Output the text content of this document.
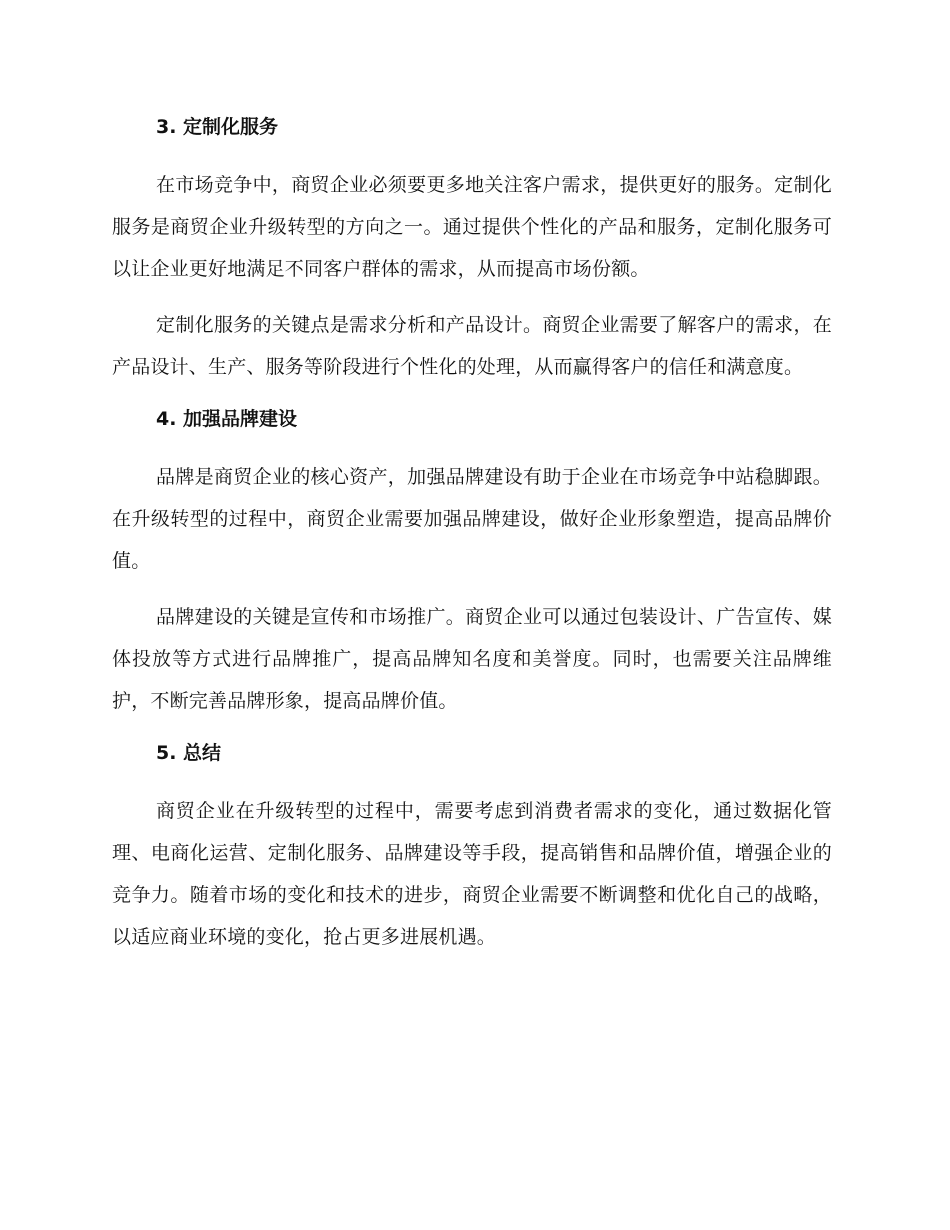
3. 定制化服务

在市场竞争中，商贸企业必须要更多地关注客户需求，提供更好的服务。定制化服务是商贸企业升级转型的方向之一。通过提供个性化的产品和服务，定制化服务可以让企业更好地满足不同客户群体的需求，从而提高市场份额。

定制化服务的关键点是需求分析和产品设计。商贸企业需要了解客户的需求，在产品设计、生产、服务等阶段进行个性化的处理，从而赢得客户的信任和满意度。

4. 加强品牌建设

品牌是商贸企业的核心资产，加强品牌建设有助于企业在市场竞争中站稳脚跟。在升级转型的过程中，商贸企业需要加强品牌建设，做好企业形象塑造，提高品牌价值。

品牌建设的关键是宣传和市场推广。商贸企业可以通过包装设计、广告宣传、媒体投放等方式进行品牌推广，提高品牌知名度和美誉度。同时，也需要关注品牌维护，不断完善品牌形象，提高品牌价值。

5. 总结

商贸企业在升级转型的过程中，需要考虑到消费者需求的变化，通过数据化管理、电商化运营、定制化服务、品牌建设等手段，提高销售和品牌价值，增强企业的竞争力。随着市场的变化和技术的进步，商贸企业需要不断调整和优化自己的战略，以适应商业环境的变化，抢占更多进展机遇。
